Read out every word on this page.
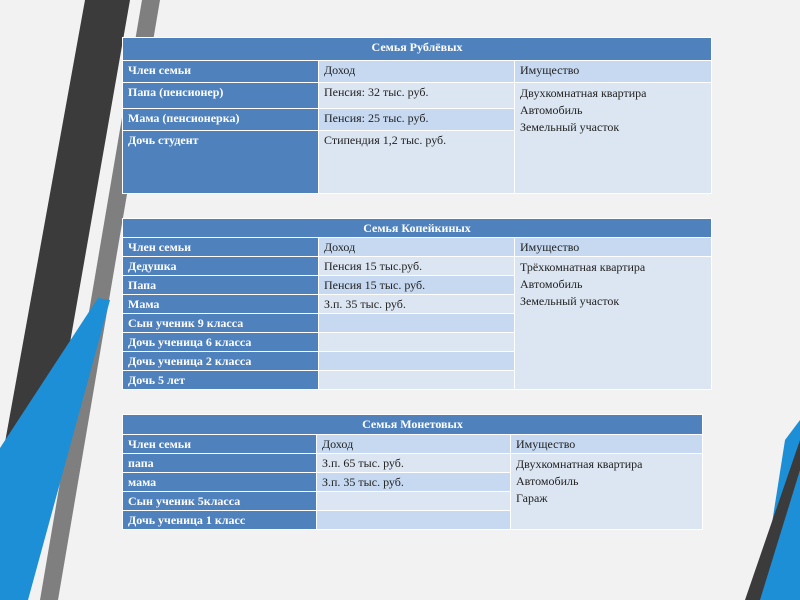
Семья Рублёвых		
Член семьи	Доход	Имущество
Папа (пенсионер)	Пенсия: 32 тыс. руб.	Двухкомнатная квартира
Автомобиль
Земельный участок

Мама (пенсионерка)	Пенсия: 25 тыс. руб.	
Дочь студент	Стипендия 1,2 тыс. руб.	
Семья Копейкиных		
Член семьи	Доход	Имущество
Дедушка	Пенсия 15 тыс.руб.	Трёхкомнатная квартира
Автомобиль
Земельный участок

Папа	Пенсия 15 тыс. руб.	
Мама	З.п. 35 тыс. руб.	
Сын ученик 9 класса		
Дочь ученица 6 класса		
Дочь ученица 2 класса		
Дочь 5 лет		
Семья Монетовых		
Член семьи	Доход	Имущество
папа	З.п. 65 тыс. руб.	Двухкомнатная квартира
Автомобиль
Гараж

мама	З.п. 35 тыс. руб.	
Сын ученик 5класса		
Дочь ученица 1 класс		
